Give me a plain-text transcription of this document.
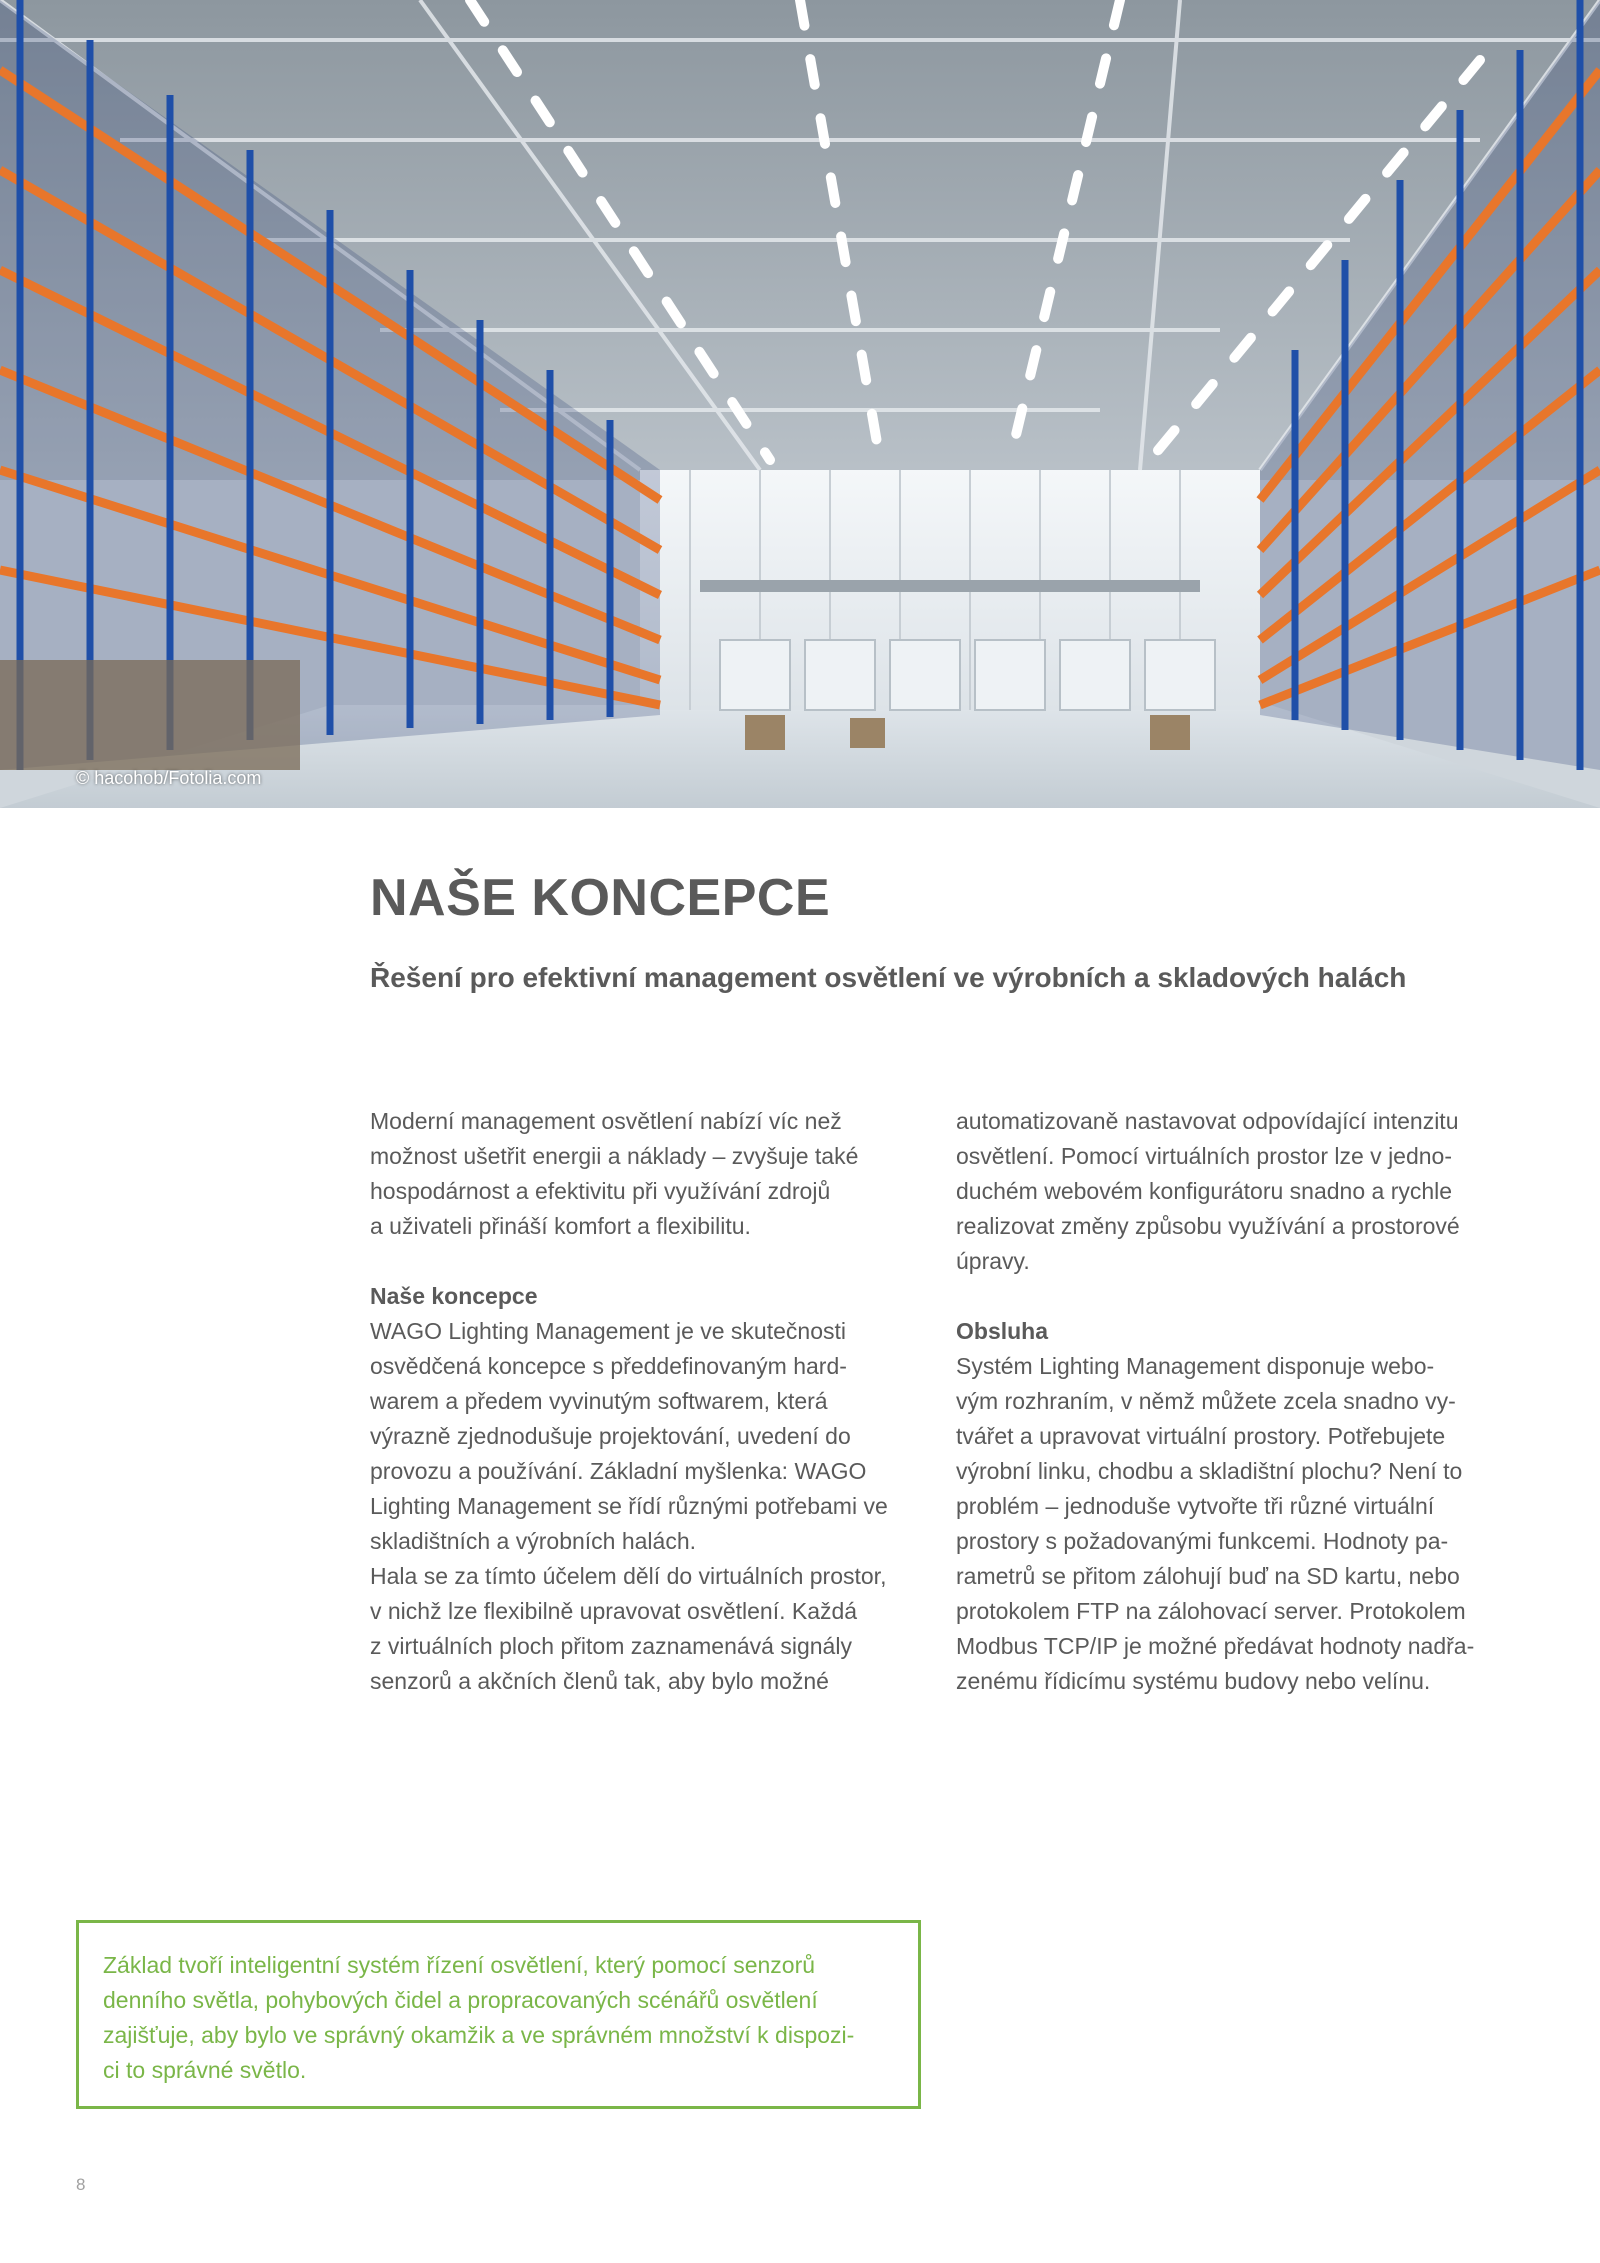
© hacohob/Fotolia.com
NAŠE KONCEPCE
Řešení pro efektivní management osvětlení ve výrobních a skladových halách

Moderní management osvětlení nabízí víc než

možnost ušetřit energii a náklady – zvyšuje také

hospodárnost a efektivitu při využívání zdrojů

a uživateli přináší komfort a flexibilitu.

Naše koncepce

WAGO Lighting Management je ve skutečnosti

osvědčená koncepce s předdefinovaným hard-

warem a předem vyvinutým softwarem, která

výrazně zjednodušuje projektování, uvedení do

provozu a používání. Základní myšlenka: WAGO

Lighting Management se řídí různými potřebami ve

skladištních a výrobních halách.

Hala se za tímto účelem dělí do virtuálních prostor,

v nichž lze flexibilně upravovat osvětlení. Každá

z virtuálních ploch přitom zaznamenává signály

senzorů a akčních členů tak, aby bylo možné

automatizovaně nastavovat odpovídající intenzitu

osvětlení. Pomocí virtuálních prostor lze v jedno-

duchém webovém konfigurátoru snadno a rychle

realizovat změny způsobu využívání a prostorové

úpravy.

Obsluha

Systém Lighting Management disponuje webo-

vým rozhraním, v němž můžete zcela snadno vy-

tvářet a upravovat virtuální prostory. Potřebujete

výrobní linku, chodbu a skladištní plochu? Není to

problém – jednoduše vytvořte tři různé virtuální

prostory s požadovanými funkcemi. Hodnoty pa-

rametrů se přitom zálohují buď na SD kartu, nebo

protokolem FTP na zálohovací server. Protokolem

Modbus TCP/IP je možné předávat hodnoty nadřa-

zenému řídicímu systému budovy nebo velínu.

Základ tvoří inteligentní systém řízení osvětlení, který pomocí senzorů

denního světla, pohybových čidel a propracovaných scénářů osvětlení

zajišťuje, aby bylo ve správný okamžik a ve správném množství k dispozi-

ci to správné světlo.

8
